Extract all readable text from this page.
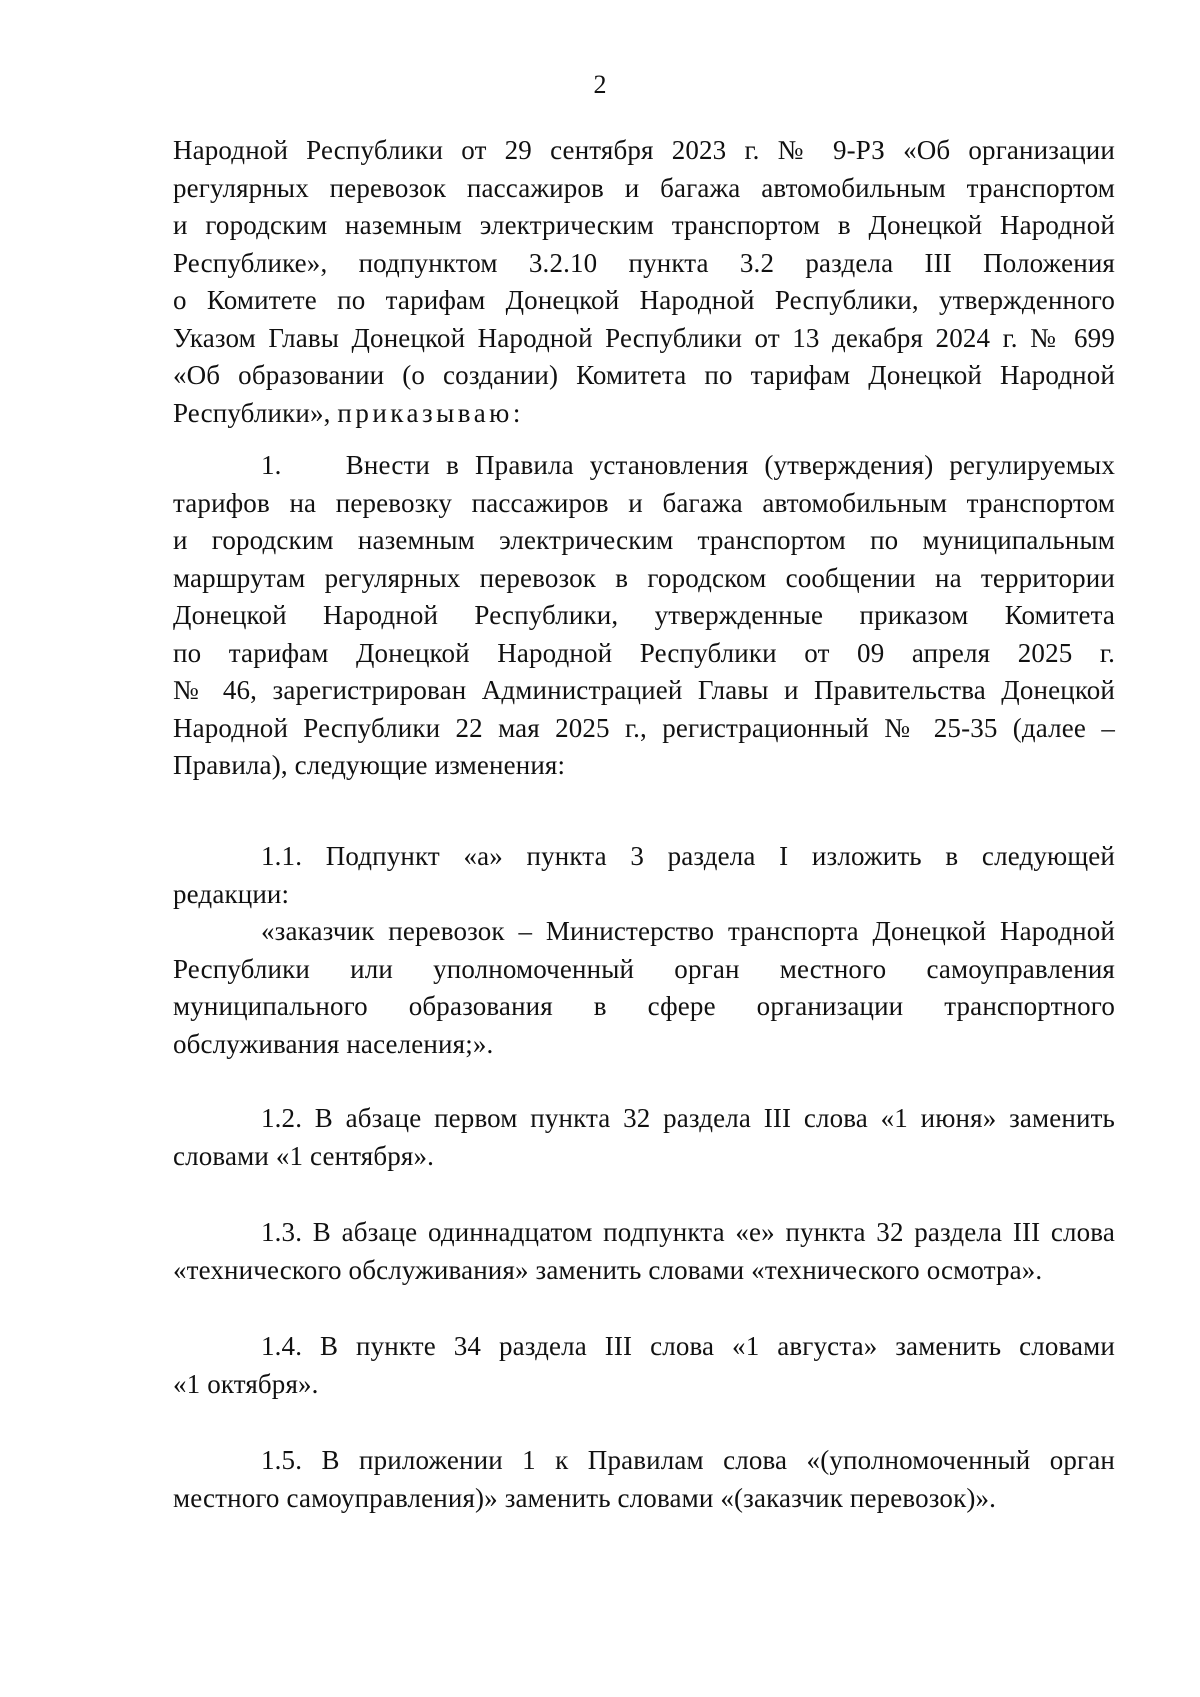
2
Народной Республики от 29 сентября 2023 г. № 9-РЗ «Об организации
регулярных перевозок пассажиров и багажа автомобильным транспортом
и городским наземным электрическим транспортом в Донецкой Народной
Республике», подпунктом 3.2.10 пункта 3.2 раздела III Положения
о Комитете по тарифам Донецкой Народной Республики, утвержденного
Указом Главы Донецкой Народной Республики от 13 декабря 2024 г. № 699
«Об образовании (о создании) Комитета по тарифам Донецкой Народной
Республики», приказываю:
1.    Внести в Правила установления (утверждения) регулируемых
тарифов на перевозку пассажиров и багажа автомобильным транспортом
и городским наземным электрическим транспортом по муниципальным
маршрутам регулярных перевозок в городском сообщении на территории
Донецкой Народной Республики, утвержденные приказом Комитета
по тарифам Донецкой Народной Республики от 09 апреля 2025 г.
№ 46, зарегистрирован Администрацией Главы и Правительства Донецкой
Народной Республики 22 мая 2025 г., регистрационный № 25-35 (далее –
Правила), следующие изменения:
1.1. Подпункт «а» пункта 3 раздела I изложить в следующей
редакции:
«заказчик перевозок – Министерство транспорта Донецкой Народной
Республики или уполномоченный орган местного самоуправления
муниципального образования в сфере организации транспортного
обслуживания населения;».
1.2. В абзаце первом пункта 32 раздела III слова «1 июня» заменить
словами «1 сентября».
1.3. В абзаце одиннадцатом подпункта «е» пункта 32 раздела III слова
«технического обслуживания» заменить словами «технического осмотра».
1.4. В пункте 34 раздела III слова «1 августа» заменить словами
«1 октября».
1.5. В приложении 1 к Правилам слова «(уполномоченный орган
местного самоуправления)» заменить словами «(заказчик перевозок)».
